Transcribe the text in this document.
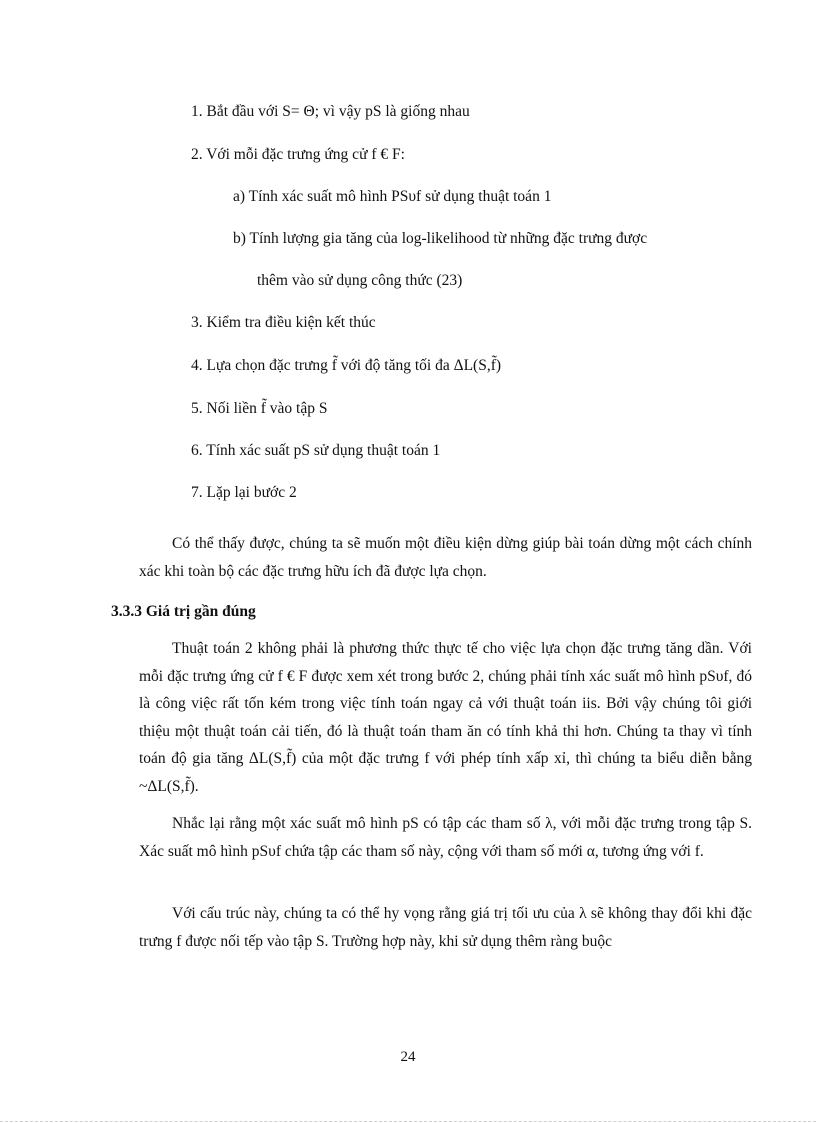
1. Bắt đầu với S= Θ; vì vậy pS là giống nhau
2. Với mỗi đặc trưng ứng cử f € F:
a) Tính xác suất mô hình PSυf sử dụng thuật toán 1
b) Tính lượng gia tăng của log-likelihood từ những đặc trưng được
thêm vào sử dụng công thức (23)
3. Kiểm tra điều kiện kết thúc
4. Lựa chọn đặc trưng f̃ với độ tăng tối đa ΔL(S,f̃)
5. Nối liền f̃ vào tập S
6. Tính xác suất pS sử dụng thuật toán 1
7. Lặp lại bước 2
Có thể thấy được, chúng ta sẽ muốn một điều kiện dừng giúp bài toán dừng một cách chính xác khi toàn bộ các đặc trưng hữu ích đã được lựa chọn.
3.3.3 Giá trị gần đúng
Thuật toán 2 không phải là phương thức thực tế cho việc lựa chọn đặc trưng tăng dần. Với mỗi đặc trưng ứng cử f € F được xem xét trong bước 2, chúng phải tính xác suất mô hình pSυf, đó là công việc rất tốn kém trong việc tính toán ngay cả với thuật toán iis. Bởi vậy chúng tôi giới thiệu một thuật toán cải tiến, đó là thuật toán tham ăn có tính khả thi hơn. Chúng ta thay vì tính toán độ gia tăng ΔL(S,f̃) của một đặc trưng f với phép tính xấp xỉ, thì chúng ta biểu diễn bằng ~ΔL(S,f̃).
Nhắc lại rằng một xác suất mô hình pS có tập các tham số λ, với mỗi đặc trưng trong tập S. Xác suất mô hình pSυf chứa tập các tham số này, cộng với tham số mới α, tương ứng với f.
Với cấu trúc này, chúng ta có thể hy vọng rằng giá trị tối ưu của λ sẽ không thay đổi khi đặc trưng f được nối tếp vào tập S. Trường hợp này, khi sử dụng thêm ràng buộc
24
